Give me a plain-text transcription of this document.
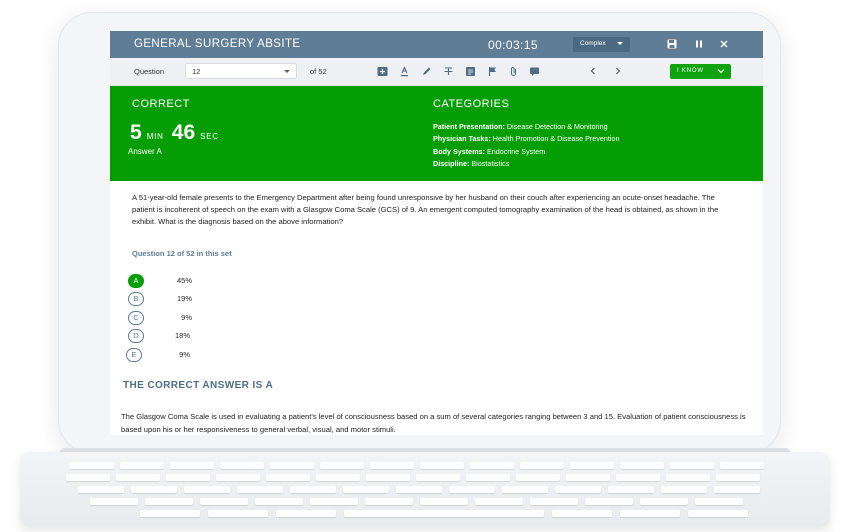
GENERAL SURGERY ABSITE	00:03:15	Complex
Question	12	of 52	I KNOW
CORRECT
5 MIN 46 SEC
CATEGORIES
Patient Presentation: Disease Detection & Monitoring
Physician Tasks: Health Promotion & Disease Prevention
Body Systems: Endocrine System
Discipline: Biostatistics
Answer A

A 51-year-old female presents to the Emergency Department after being found unresponsive by her husband on their couch after experiencing an ocute-onset headache. The patient is incoherent of speech on the exam with a Glasgow Coma Scale (GCS) of 9. An emergent computed tomography examination of the head is obtained, as shown in the exhibit. What is the diagnosis based on the above information?

Question 12 of 52 in this set
A	45%
B	19%
C	9%
D	18%
E	9%
THE CORRECT ANSWER IS A

The Glasgow Coma Scale is used in evaluating a patient's level of consciousness based on a sum of several categories ranging between 3 and 15. Evaluation of patient consciousness is based upon his or her responsiveness to general verbal, visual, and motor stimuli.
